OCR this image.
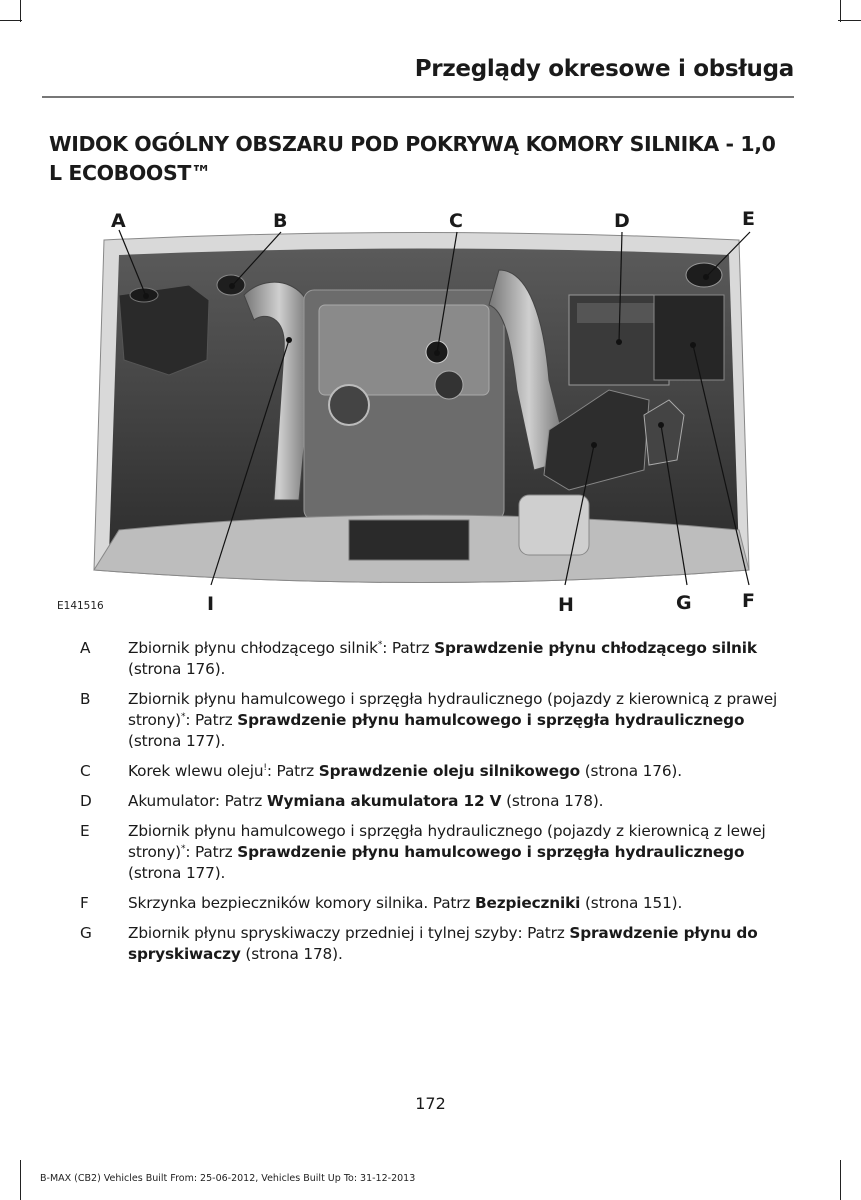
Przeglądy okresowe i obsługa
WIDOK OGÓLNY OBSZARU POD POKRYWĄ KOMORY SILNIKA - 1,0 L ECOBOOST™
A	B	C	D	E
F
G
H
I
E141516
A	Zbiornik płynu chłodzącego silnik*: Patrz Sprawdzenie płynu chłodzącego silnik (strona 176).
B	Zbiornik płynu hamulcowego i sprzęgła hydraulicznego (pojazdy z kierownicą z prawej strony)*: Patrz Sprawdzenie płynu hamulcowego i sprzęgła hydraulicznego (strona 177).
C	Korek wlewu oleju!: Patrz Sprawdzenie oleju silnikowego (strona 176).
D	Akumulator: Patrz Wymiana akumulatora 12 V (strona 178).
E	Zbiornik płynu hamulcowego i sprzęgła hydraulicznego (pojazdy z kierownicą z lewej strony)*: Patrz Sprawdzenie płynu hamulcowego i sprzęgła hydraulicznego (strona 177).
F	Skrzynka bezpieczników komory silnika. Patrz Bezpieczniki (strona 151).
G	Zbiornik płynu spryskiwaczy przedniej i tylnej szyby: Patrz Sprawdzenie płynu do spryskiwaczy (strona 178).
172
B-MAX (CB2) Vehicles Built From: 25-06-2012, Vehicles Built Up To: 31-12-2013
